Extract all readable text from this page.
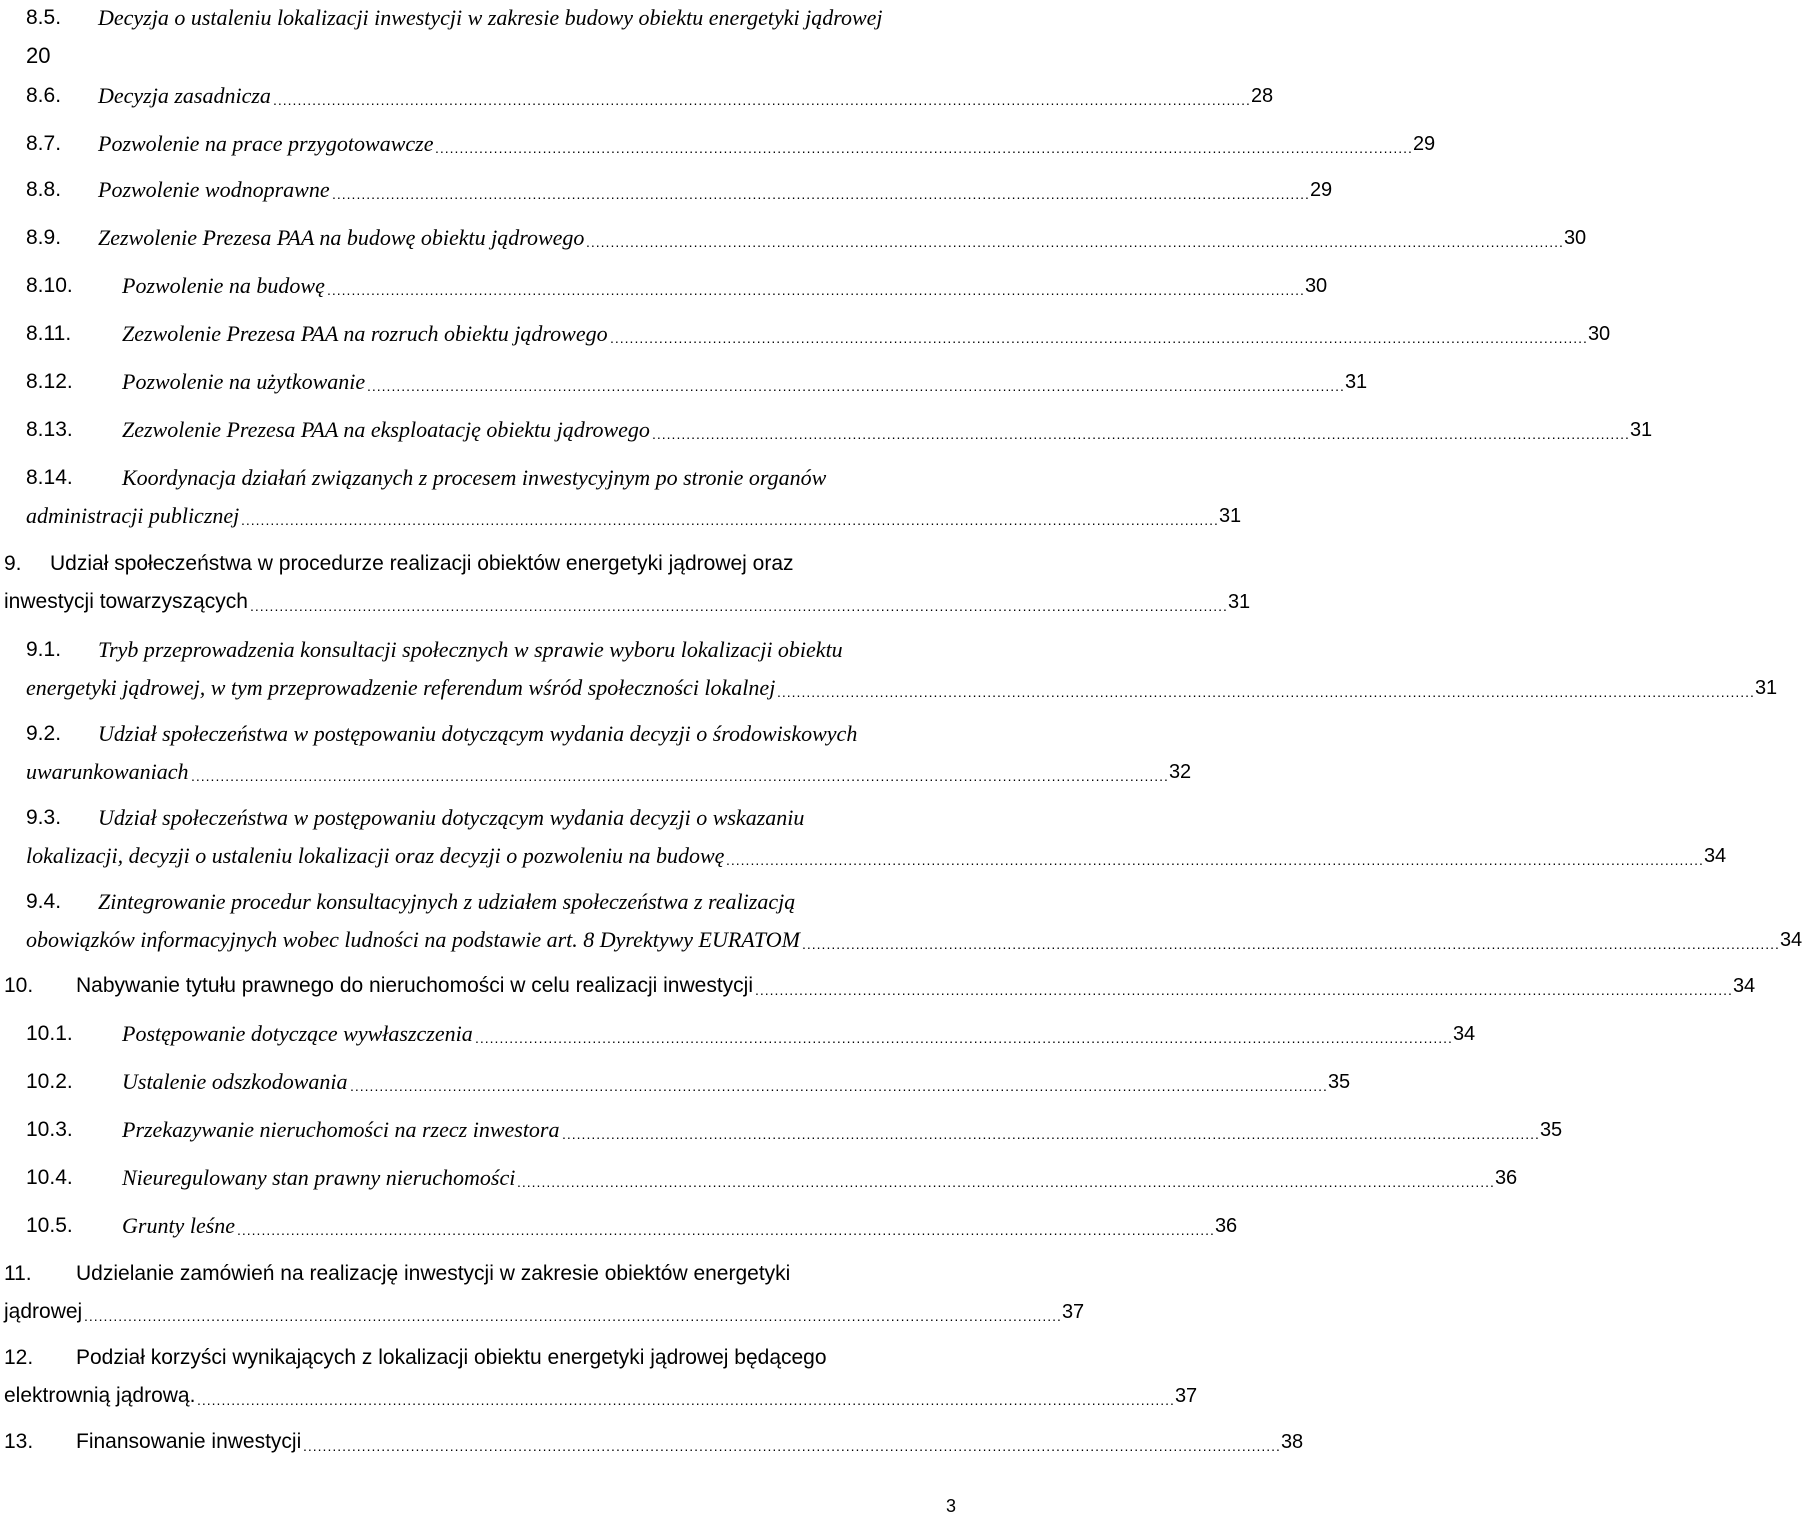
8.5. Decyzja o ustaleniu lokalizacji inwestycji w zakresie budowy obiektu energetyki jądrowej
20
8.6. Decyzja zasadnicza ........................................................................................................................................................................................................ 28
8.7. Pozwolenie na prace przygotowawcze ........................................................................................................................................................................................................ 29
8.8. Pozwolenie wodnoprawne ........................................................................................................................................................................................................ 29
8.9. Zezwolenie Prezesa PAA na budowę obiektu jądrowego ........................................................................................................................................................................................................ 30
8.10. Pozwolenie na budowę ........................................................................................................................................................................................................ 30
8.11. Zezwolenie Prezesa PAA na rozruch obiektu jądrowego ........................................................................................................................................................................................................ 30
8.12. Pozwolenie na użytkowanie ........................................................................................................................................................................................................ 31
8.13. Zezwolenie Prezesa PAA na eksploatację obiektu jądrowego ........................................................................................................................................................................................................ 31
8.14. Koordynacja działań związanych z procesem inwestycyjnym po stronie organów
administracji publicznej ........................................................................................................................................................................................................ 31
9. Udział społeczeństwa w procedurze realizacji obiektów energetyki jądrowej oraz
inwestycji towarzyszących ........................................................................................................................................................................................................ 31
9.1. Tryb przeprowadzenia konsultacji społecznych w sprawie wyboru lokalizacji obiektu
energetyki jądrowej, w tym przeprowadzenie referendum wśród społeczności lokalnej ........................................................................................................................................................................................................ 31
9.2. Udział społeczeństwa w postępowaniu dotyczącym wydania decyzji o środowiskowych
uwarunkowaniach ........................................................................................................................................................................................................ 32
9.3. Udział społeczeństwa w postępowaniu dotyczącym wydania decyzji o wskazaniu
lokalizacji, decyzji o ustaleniu lokalizacji oraz decyzji o pozwoleniu na budowę ........................................................................................................................................................................................................ 34
9.4. Zintegrowanie procedur konsultacyjnych z udziałem społeczeństwa z realizacją
obowiązków informacyjnych wobec ludności na podstawie art. 8 Dyrektywy EURATOM ........................................................................................................................................................................................................ 34
10. Nabywanie tytułu prawnego do nieruchomości w celu realizacji inwestycji ........................................................................................................................................................................................................ 34
10.1. Postępowanie dotyczące wywłaszczenia ........................................................................................................................................................................................................ 34
10.2. Ustalenie odszkodowania ........................................................................................................................................................................................................ 35
10.3. Przekazywanie nieruchomości na rzecz inwestora ........................................................................................................................................................................................................ 35
10.4. Nieuregulowany stan prawny nieruchomości ........................................................................................................................................................................................................ 36
10.5. Grunty leśne ........................................................................................................................................................................................................ 36
11. Udzielanie zamówień na realizację inwestycji w zakresie obiektów energetyki
jądrowej ........................................................................................................................................................................................................ 37
12. Podział korzyści wynikających z lokalizacji obiektu energetyki jądrowej będącego
elektrownią jądrową. ........................................................................................................................................................................................................ 37
13. Finansowanie inwestycji ........................................................................................................................................................................................................ 38
3
